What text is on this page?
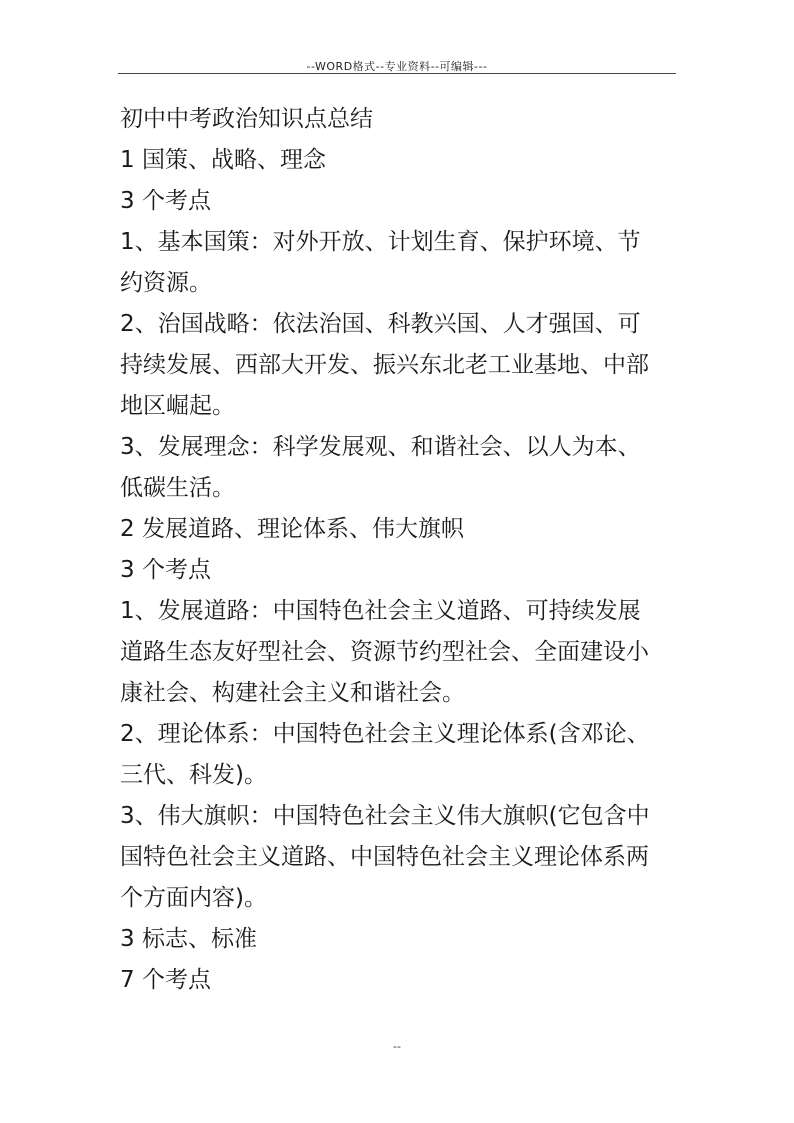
--WORD格式--专业资料--可编辑---
初中中考政治知识点总结
1 国策、战略、理念
3 个考点
1、基本国策：对外开放、计划生育、保护环境、节
约资源。
2、治国战略：依法治国、科教兴国、人才强国、可
持续发展、西部大开发、振兴东北老工业基地、中部
地区崛起。
3、发展理念：科学发展观、和谐社会、以人为本、
低碳生活。
2 发展道路、理论体系、伟大旗帜
3 个考点
1、发展道路：中国特色社会主义道路、可持续发展
道路生态友好型社会、资源节约型社会、全面建设小
康社会、构建社会主义和谐社会。
2、理论体系：中国特色社会主义理论体系(含邓论、
三代、科发)。
3、伟大旗帜：中国特色社会主义伟大旗帜(它包含中
国特色社会主义道路、中国特色社会主义理论体系两
个方面内容)。
3 标志、标准
7 个考点
--
